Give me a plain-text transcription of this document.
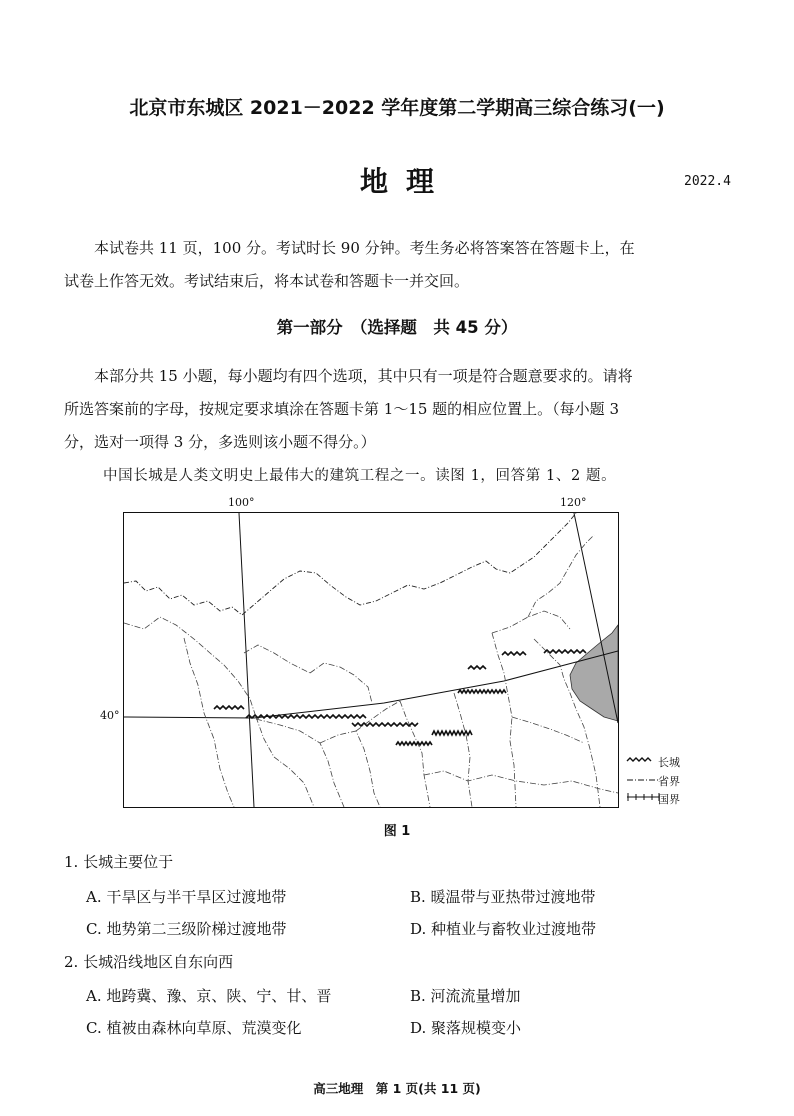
北京市东城区 2021－2022 学年度第二学期高三综合练习(一)
地理	2022.4
本试卷共 11 页，100 分。考试时长 90 分钟。考生务必将答案答在答题卡上，在
试卷上作答无效。考试结束后，将本试卷和答题卡一并交回。
第一部分　（选择题　共 45 分）
本部分共 15 小题，每小题均有四个选项，其中只有一项是符合题意要求的。请将
所选答案前的字母，按规定要求填涂在答题卡第 1～15 题的相应位置上。（每小题 3
分，选对一项得 3 分，多选则该小题不得分。）
中国长城是人类文明史上最伟大的建筑工程之一。读图 1，回答第 1、2 题。
100°	120°
40°
长城
省界
国界
图 1
1. 长城主要位于
A. 干旱区与半干旱区过渡地带	B. 暖温带与亚热带过渡地带
C. 地势第二三级阶梯过渡地带	D. 种植业与畜牧业过渡地带
2. 长城沿线地区自东向西
A. 地跨冀、豫、京、陕、宁、甘、晋	B. 河流流量增加
C. 植被由森林向草原、荒漠变化	D. 聚落规模变小
高三地理　第 1 页(共 11 页)
